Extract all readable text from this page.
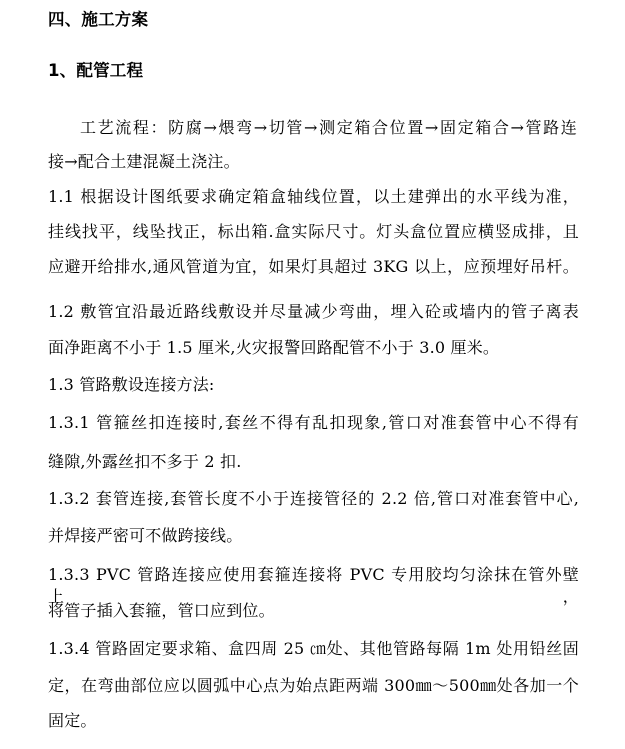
四、施工方案
1、配管工程
工艺流程：防腐→煨弯→切管→测定箱合位置→固定箱合→管路连
接→配合土建混凝土浇注。
1.1 根据设计图纸要求确定箱盒轴线位置，以土建弹出的水平线为准，
挂线找平，线坠找正，标出箱.盒实际尺寸。灯头盒位置应横竖成排，且
应避开给排水,通风管道为宜，如果灯具超过 3KG 以上，应预埋好吊杆。
1.2 敷管宜沿最近路线敷设并尽量减少弯曲，埋入砼或墙内的管子离表
面净距离不小于 1.5 厘米,火灾报警回路配管不小于 3.0 厘米。
1.3 管路敷设连接方法:
1.3.1 管箍丝扣连接时,套丝不得有乱扣现象,管口对准套管中心不得有
缝隙,外露丝扣不多于 2 扣.
1.3.2 套管连接,套管长度不小于连接管径的 2.2 倍,管口对准套管中心,
并焊接严密可不做跨接线。
1.3.3 PVC 管路连接应使用套箍连接将 PVC 专用胶均匀涂抹在管外壁上，
将管子插入套箍，管口应到位。
1.3.4 管路固定要求箱、盒四周 25 ㎝处、其他管路每隔 1m 处用铅丝固
定，在弯曲部位应以圆弧中心点为始点距两端 300㎜～500㎜处各加一个
固定。
